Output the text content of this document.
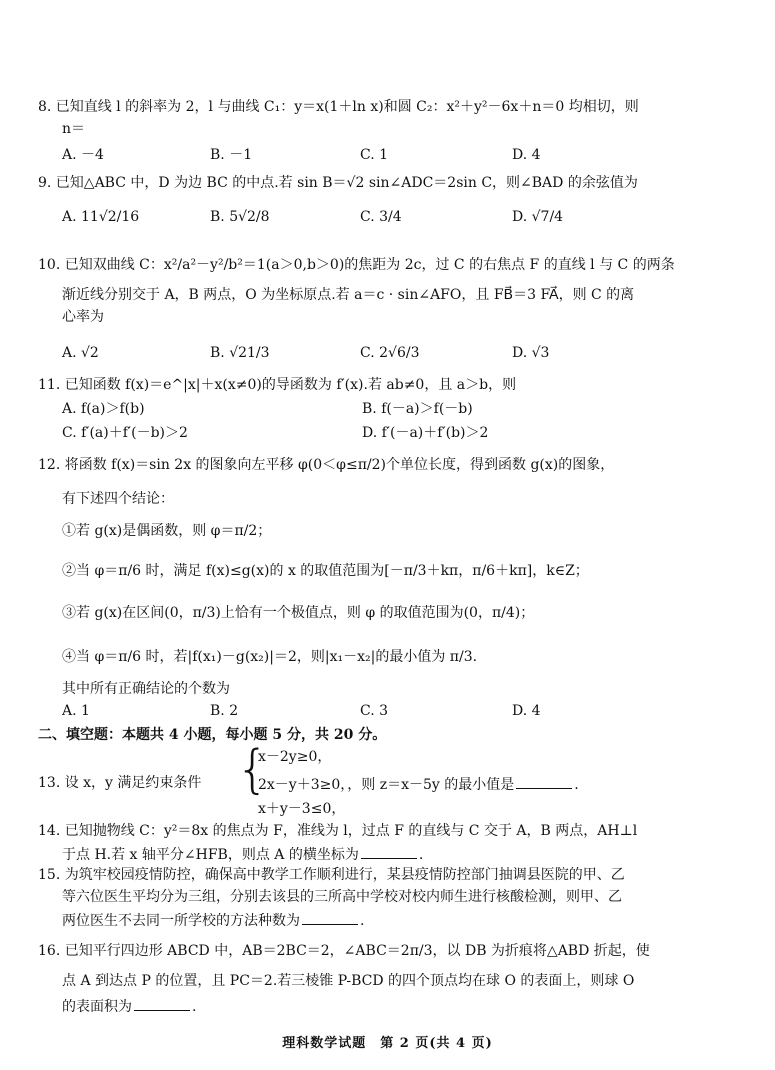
8. 已知直线 l 的斜率为 2，l 与曲线 C₁：y＝x(1＋ln x)和圆 C₂：x²＋y²－6x＋n＝0 均相切，则
n＝
A. －4	B. －1	C. 1	D. 4
9. 已知△ABC 中，D 为边 BC 的中点.若 sin B＝√2 sin∠ADC＝2sin C，则∠BAD 的余弦值为
A. 11√2/16	B. 5√2/8	C. 3/4	D. √7/4
10. 已知双曲线 C：x²/a²－y²/b²＝1(a＞0,b＞0)的焦距为 2c，过 C 的右焦点 F 的直线 l 与 C 的两条
渐近线分别交于 A，B 两点，O 为坐标原点.若 a＝c · sin∠AFO，且 FB⃗＝3 FA⃗，则 C 的离
心率为
A. √2	B. √21/3	C. 2√6/3	D. √3
11. 已知函数 f(x)＝e^|x|＋x(x≠0)的导函数为 f′(x).若 ab≠0，且 a＞b，则
A. f(a)＞f(b)	B. f(－a)＞f(－b)
C. f′(a)＋f′(－b)＞2	D. f′(－a)＋f′(b)＞2
12. 将函数 f(x)＝sin 2x 的图象向左平移 φ(0＜φ≤π/2)个单位长度，得到函数 g(x)的图象，
有下述四个结论：
①若 g(x)是偶函数，则 φ＝π/2；
②当 φ＝π/6 时，满足 f(x)≤g(x)的 x 的取值范围为[－π/3＋kπ，π/6＋kπ]，k∈Z；
③若 g(x)在区间(0，π/3)上恰有一个极值点，则 φ 的取值范围为(0，π/4)；
④当 φ＝π/6 时，若|f(x₁)－g(x₂)|＝2，则|x₁－x₂|的最小值为 π/3.
其中所有正确结论的个数为
A. 1	B. 2	C. 3	D. 4
二、填空题：本题共 4 小题，每小题 5 分，共 20 分。
x－2y≥0，
13. 设 x，y 满足约束条件 {
2x－y＋3≥0，，则 z＝x－5y 的最小值是	.
x＋y－3≤0，
14. 已知抛物线 C：y²＝8x 的焦点为 F，准线为 l，过点 F 的直线与 C 交于 A，B 两点，AH⊥l
于点 H.若 x 轴平分∠HFB，则点 A 的横坐标为	.
15. 为筑牢校园疫情防控，确保高中教学工作顺利进行，某县疫情防控部门抽调县医院的甲、乙
等六位医生平均分为三组，分别去该县的三所高中学校对校内师生进行核酸检测，则甲、乙
两位医生不去同一所学校的方法种数为	.
16. 已知平行四边形 ABCD 中，AB＝2BC＝2，∠ABC＝2π/3，以 DB 为折痕将△ABD 折起，使
点 A 到达点 P 的位置，且 PC＝2.若三棱锥 P-BCD 的四个顶点均在球 O 的表面上，则球 O
的表面积为	.
理科数学试题　第 2 页(共 4 页)
